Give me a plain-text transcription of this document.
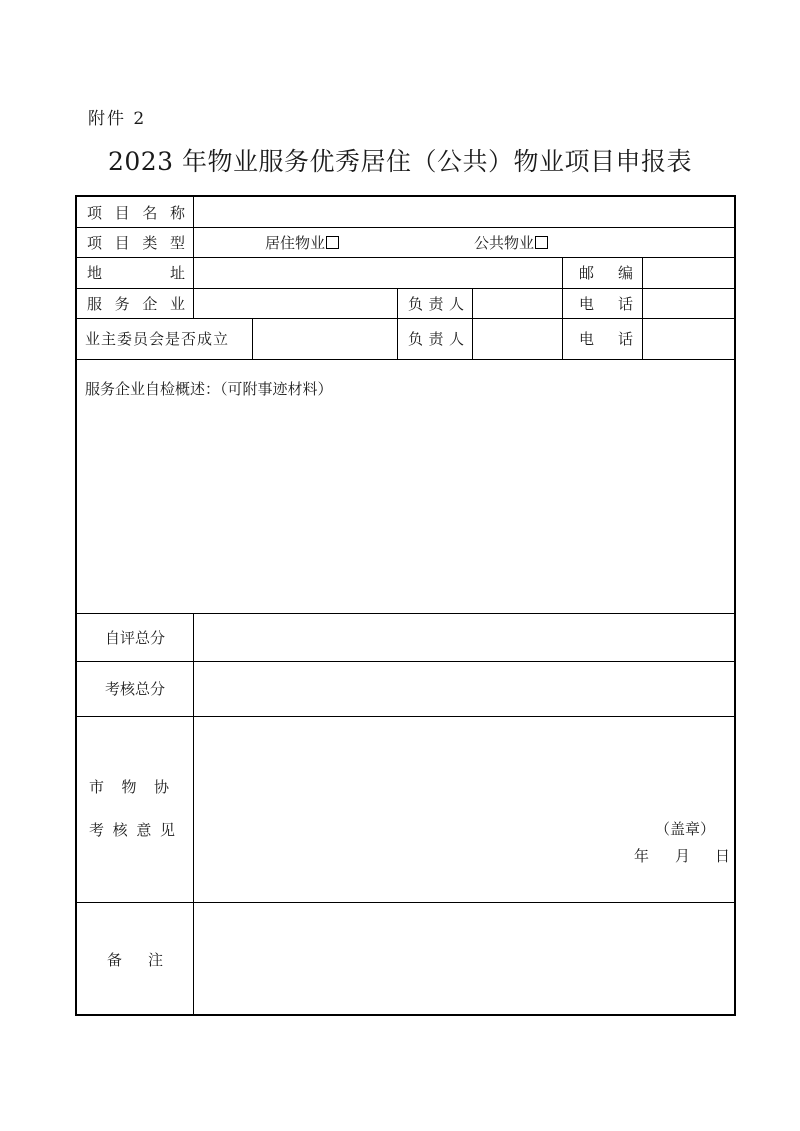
附件 2
2023 年物业服务优秀居住（公共）物业项目申报表
项 目 名 称
项 目 类 型	居住物业	公共物业
地	址	邮 编
服 务 企 业	负 责 人	电 话
业主委员会是否成立	负 责 人	电 话
服务企业自检概述：（可附事迹材料）
自评总分
考核总分
市 物 协
考 核 意 见	（盖章）
年 月 日
备 注
